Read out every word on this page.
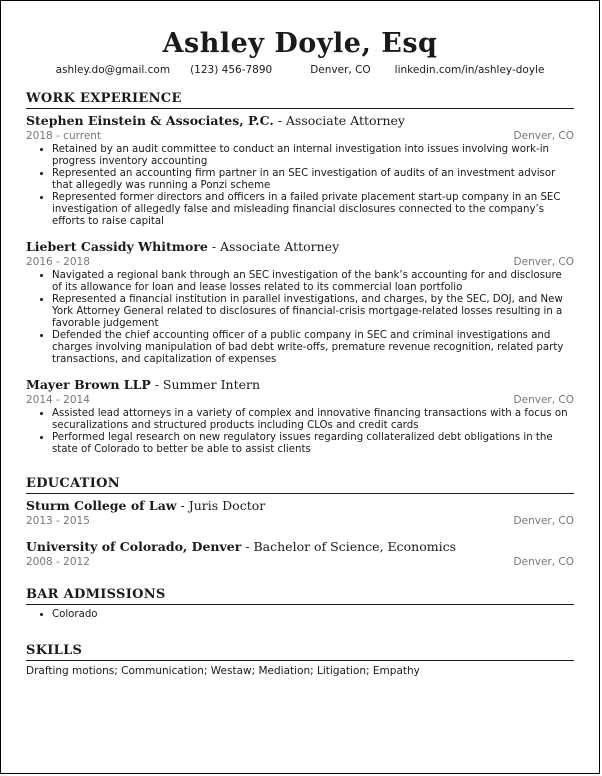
Ashley Doyle, Esq
ashley.do@gmail.com	(123) 456-7890	Denver, CO	linkedin.com/in/ashley-doyle
WORK EXPERIENCE
Stephen Einstein & Associates, P.C. - Associate Attorney
2018 - current	Denver, CO
• Retained by an audit committee to conduct an internal investigation into issues involving work-in progress inventory accounting
• Represented an accounting firm partner in an SEC investigation of audits of an investment advisor that allegedly was running a Ponzi scheme
• Represented former directors and officers in a failed private placement start-up company in an SEC investigation of allegedly false and misleading financial disclosures connected to the company’s efforts to raise capital
Liebert Cassidy Whitmore - Associate Attorney
2016 - 2018	Denver, CO
• Navigated a regional bank through an SEC investigation of the bank’s accounting for and disclosure of its allowance for loan and lease losses related to its commercial loan portfolio
• Represented a financial institution in parallel investigations, and charges, by the SEC, DOJ, and New York Attorney General related to disclosures of financial-crisis mortgage-related losses resulting in a favorable judgement
• Defended the chief accounting officer of a public company in SEC and criminal investigations and charges involving manipulation of bad debt write-offs, premature revenue recognition, related party transactions, and capitalization of expenses
Mayer Brown LLP - Summer Intern
2014 - 2014	Denver, CO
• Assisted lead attorneys in a variety of complex and innovative financing transactions with a focus on securalizations and structured products including CLOs and credit cards
• Performed legal research on new regulatory issues regarding collateralized debt obligations in the state of Colorado to better be able to assist clients
EDUCATION
Sturm College of Law - Juris Doctor
2013 - 2015	Denver, CO
University of Colorado, Denver - Bachelor of Science, Economics
2008 - 2012	Denver, CO
BAR ADMISSIONS
• Colorado
SKILLS
Drafting motions; Communication; Westaw; Mediation; Litigation; Empathy
